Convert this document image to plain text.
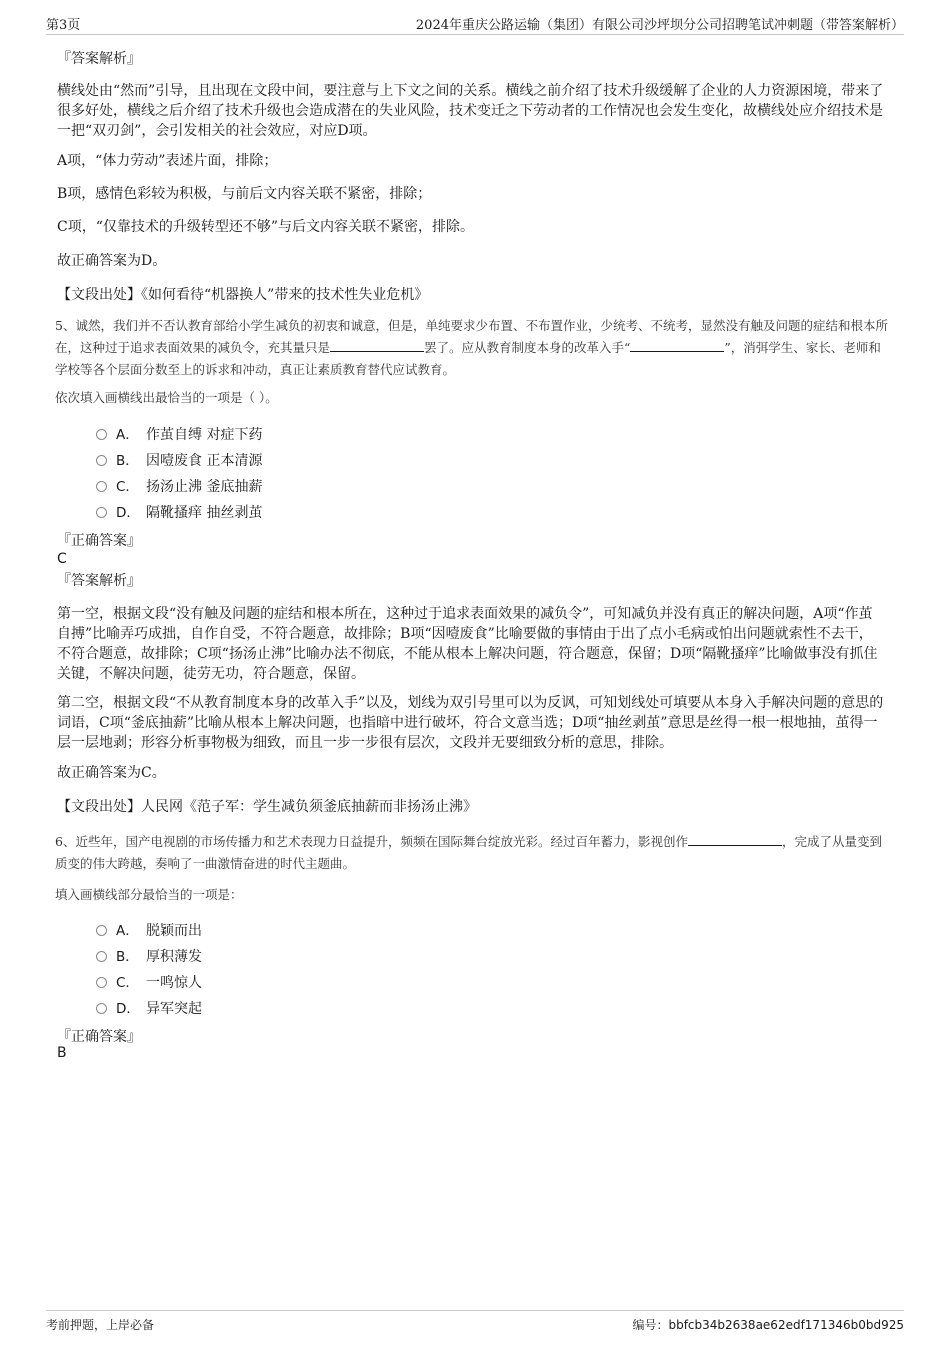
第3页	2024年重庆公路运输（集团）有限公司沙坪坝分公司招聘笔试冲刺题（带答案解析）
『答案解析』

横线处由“然而”引导，且出现在文段中间，要注意与上下文之间的关系。横线之前介绍了技术升级缓解了企业的人力资源困境，带来了很多好处，横线之后介绍了技术升级也会造成潜在的失业风险，技术变迁之下劳动者的工作情况也会发生变化，故横线处应介绍技术是一把“双刃剑”，会引发相关的社会效应，对应D项。

A项，“体力劳动”表述片面，排除；

B项，感情色彩较为积极，与前后文内容关联不紧密，排除；

C项，“仅靠技术的升级转型还不够”与后文内容关联不紧密，排除。

故正确答案为D。

【文段出处】《如何看待“机器换人”带来的技术性失业危机》

5、诚然，我们并不否认教育部给小学生减负的初衷和诚意，但是，单纯要求少布置、不布置作业，少统考、不统考，显然没有触及问题的症结和根本所在，这种过于追求表面效果的减负令，充其量只是	罢了。应从教育制度本身的改革入手“	”，消弭学生、家长、老师和学校等各个层面分数至上的诉求和冲动，真正让素质教育替代应试教育。

依次填入画横线出最恰当的一项是（ ）。

A． 作茧自缚 对症下药
B． 因噎废食 正本清源
C． 扬汤止沸 釜底抽薪
D． 隔靴搔痒 抽丝剥茧
『正确答案』
C
『答案解析』

第一空，根据文段“没有触及问题的症结和根本所在，这种过于追求表面效果的减负令”，可知减负并没有真正的解决问题，A项“作茧自搏”比喻弄巧成拙，自作自受，不符合题意，故排除；B项“因噎废食”比喻要做的事情由于出了点小毛病或怕出问题就索性不去干，不符合题意，故排除；C项“扬汤止沸”比喻办法不彻底，不能从根本上解决问题，符合题意，保留；D项“隔靴搔痒”比喻做事没有抓住关键，不解决问题，徒劳无功，符合题意，保留。

第二空，根据文段“不从教育制度本身的改革入手”以及，划线为双引号里可以为反讽，可知划线处可填要从本身入手解决问题的意思的词语，C项“釜底抽薪”比喻从根本上解决问题，也指暗中进行破坏，符合文意当选；D项“抽丝剥茧”意思是丝得一根一根地抽，茧得一层一层地剥；形容分析事物极为细致，而且一步一步很有层次，文段并无要细致分析的意思，排除。

故正确答案为C。

【文段出处】人民网《范子军：学生减负须釜底抽薪而非扬汤止沸》

6、近些年，国产电视剧的市场传播力和艺术表现力日益提升，频频在国际舞台绽放光彩。经过百年蓄力，影视创作	，完成了从量变到质变的伟大跨越，奏响了一曲激情奋进的时代主题曲。

填入画横线部分最恰当的一项是：

A． 脱颖而出
B． 厚积薄发
C． 一鸣惊人
D． 异军突起
『正确答案』
B
考前押题，上岸必备	编号：bbfcb34b2638ae62edf171346b0bd925
